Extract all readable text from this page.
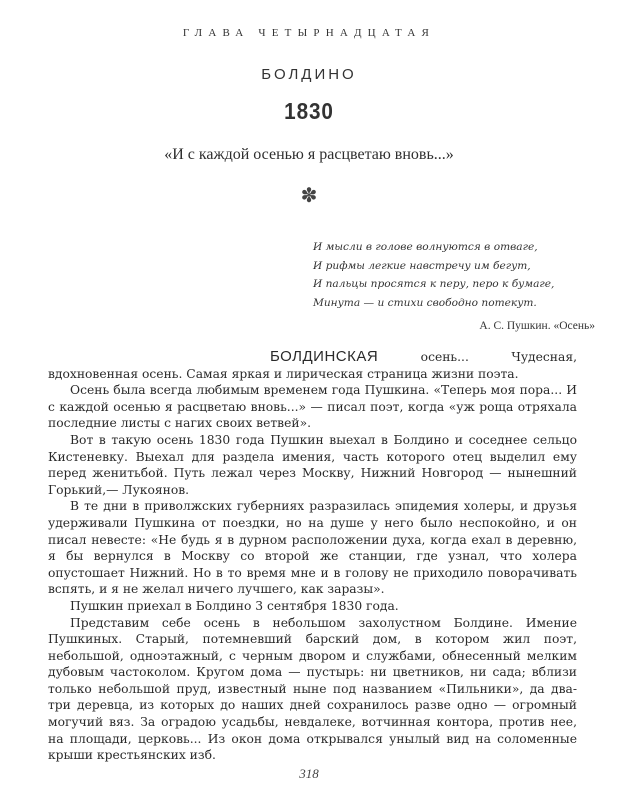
ГЛАВА ЧЕТЫРНАДЦАТАЯ
БОЛДИНО
1830
«И с каждой осенью я расцветаю вновь...»
✽
И мысли в голове волнуются в отваге,
И рифмы легкие навстречу им бегут,
И пальцы просятся к перу, перо к бумаге,
Минута — и стихи свободно потекут.
А. С. Пушкин. «Осень»

БОЛДИНСКАЯ осень... Чудесная, вдохновенная осень. Самая яркая и лирическая страница жизни поэта.

Осень была всегда любимым временем года Пушкина. «Теперь моя пора... И с каждой осенью я расцветаю вновь...» — писал поэт, когда «уж роща отряхала последние листы с нагих своих ветвей».

Вот в такую осень 1830 года Пушкин выехал в Болдино и соседнее сельцо Кистеневку. Выехал для раздела имения, часть которого отец выделил ему перед женитьбой. Путь лежал через Москву, Нижний Новгород — нынешний Горький,— Лукоянов.

В те дни в приволжских губерниях разразилась эпидемия холеры, и друзья удерживали Пушкина от поездки, но на душе у него было неспокойно, и он писал невесте: «Не будь я в дурном расположении духа, когда ехал в деревню, я бы вернулся в Москву со второй же станции, где узнал, что холера опустошает Нижний. Но в то время мне и в голову не приходило поворачивать вспять, и я не желал ничего лучшего, как заразы».

Пушкин приехал в Болдино 3 сентября 1830 года.

Представим себе осень в небольшом захолустном Болдине. Имение Пушкиных. Старый, потемневший барский дом, в котором жил поэт, небольшой, одноэтажный, с черным двором и службами, обнесенный мелким дубовым частоколом. Кругом дома — пустырь: ни цветников, ни сада; вблизи только небольшой пруд, известный ныне под названием «Пильники», да два-три деревца, из которых до наших дней сохранилось разве одно — огромный могучий вяз. За оградою усадьбы, невдалеке, вотчинная контора, против нее, на площади, церковь... Из окон дома открывался унылый вид на соломенные крыши крестьянских изб.

318
